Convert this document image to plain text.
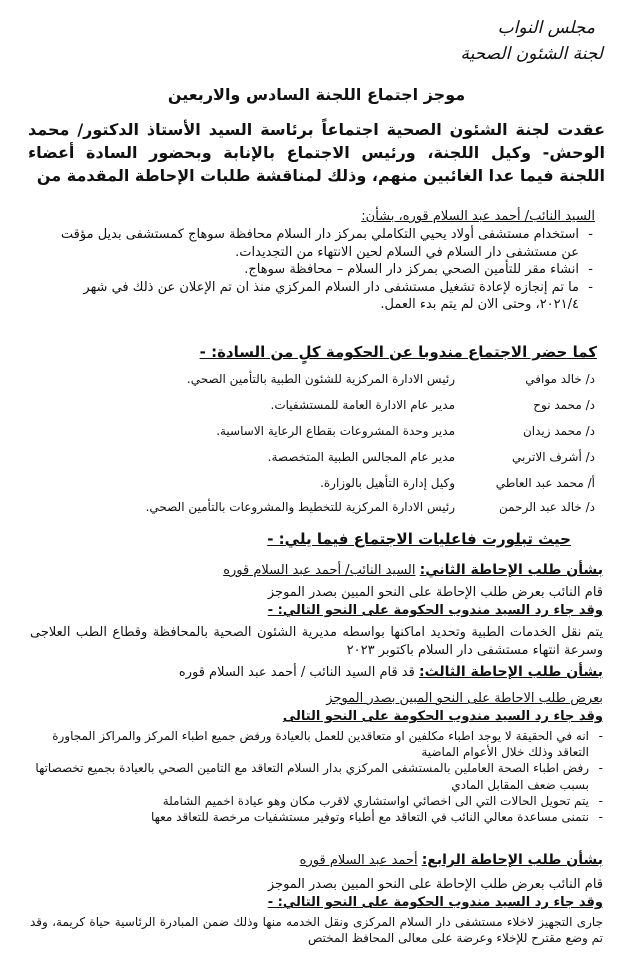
مجلس النواب
لجنة الشئون الصحية
موجز اجتماع اللجنة السادس والاربعين
عقدت لجنة الشئون الصحية اجتماعاً برئاسة السيد الأستاذ الدكتور/ محمد الوحش- وكيل اللجنة، ورئيس الاجتماع بالإنابة وبحضور السادة أعضاء اللجنة فيما عدا الغائبين منهم، وذلك لمناقشة طلبات الإحاطة المقدمة من
السيد النائب/ أحمد عبد السلام قوره، بشأن:
- استخدام مستشفى أولاد يحيي التكاملي بمركز دار السلام محافظة سوهاج كمستشفى بديل مؤقت عن مستشفى دار السلام في السلام لحين الانتهاء من التجديدات.
- انشاء مقر للتأمين الصحي بمركز دار السلام – محافظة سوهاج.
- ما تم إنجازه لإعادة تشغيل مستشفى دار السلام المركزي منذ ان تم الإعلان عن ذلك في شهر ٢٠٢١/٤، وحتى الان لم يتم بدء العمل.
كما حضر الاجتماع مندوبا عن الحكومة كلٍ من السادة: -
د/ خالد موافي
رئيس الادارة المركزية للشئون الطبية بالتأمين الصحي.
د/ محمد نوح
مدير عام الادارة العامة للمستشفيات.
د/ محمد زيدان
مدير وحدة المشروعات بقطاع الرعاية الاساسية.
د/ أشرف الاتربي
مدير عام المجالس الطبية المتخصصة.
أ/ محمد عبد العاطي
وكيل إدارة التأهيل بالوزارة.
د/ خالد عبد الرحمن
رئيس الادارة المركزية للتخطيط والمشروعات بالتأمين الصحي.
حيث تبلورت فاعليات الاجتماع فيما يلي: -
بشأن طلب الإحاطة الثاني: السيد النائب/ أحمد عبد السلام قوره
قام النائب بعرض طلب الإحاطة على النحو المبين بصدر الموجز
وقد جاء رد السيد مندوب الحكومة على النحو التالي: -
يتم نقل الخدمات الطبية وتحديد اماكنها بواسطه مديرية الشئون الصحية بالمحافظة وقطاع الطب العلاجى وسرعة انتهاء مستشفى دار السلام باكتوبر ٢٠٢٣
بشأن طلب الإحاطة الثالث: قد قام السيد النائب / أحمد عبد السلام قوره
بعرض طلب الاحاطة على النحو المبين بصدر الموجز
وقد جاء رد السيد مندوب الحكومة على النحو التالى
- انه في الحقيقة لا يوجد اطباء مكلفين او متعاقدين للعمل بالعيادة ورفض جميع اطباء المركز والمراكز المجاورة التعاقد وذلك خلال الأعوام الماضية
- رفض اطباء الصحة العاملين بالمستشفى المركزي بدار السلام التعاقد مع التامين الصحي بالعيادة بجميع تخصصاتها بسبب ضعف المقابل المادي
- يتم تحويل الحالات التي الى اخصائي اواستشاري لاقرب مكان وهو عيادة اخميم الشاملة
- نتمنى مساعدة معالي النائب في التعاقد مع أطباء وتوفير مستشفيات مرخصة للتعاقد معها
بشأن طلب الإحاطة الرابع: أحمد عبد السلام قوره
قام النائب بعرض طلب الإحاطة على النحو المبين بصدر الموجز
وقد جاء رد السيد مندوب الحكومة على النحو التالي: -
جارى التجهيز لاخلاء مستشفى دار السلام المركزى ونقل الخدمه منها وذلك ضمن المبادرة الرئاسية حياة كريمة، وقد تم وضع مقترح للإخلاء وعرضة على معالى المحافظ المختص
